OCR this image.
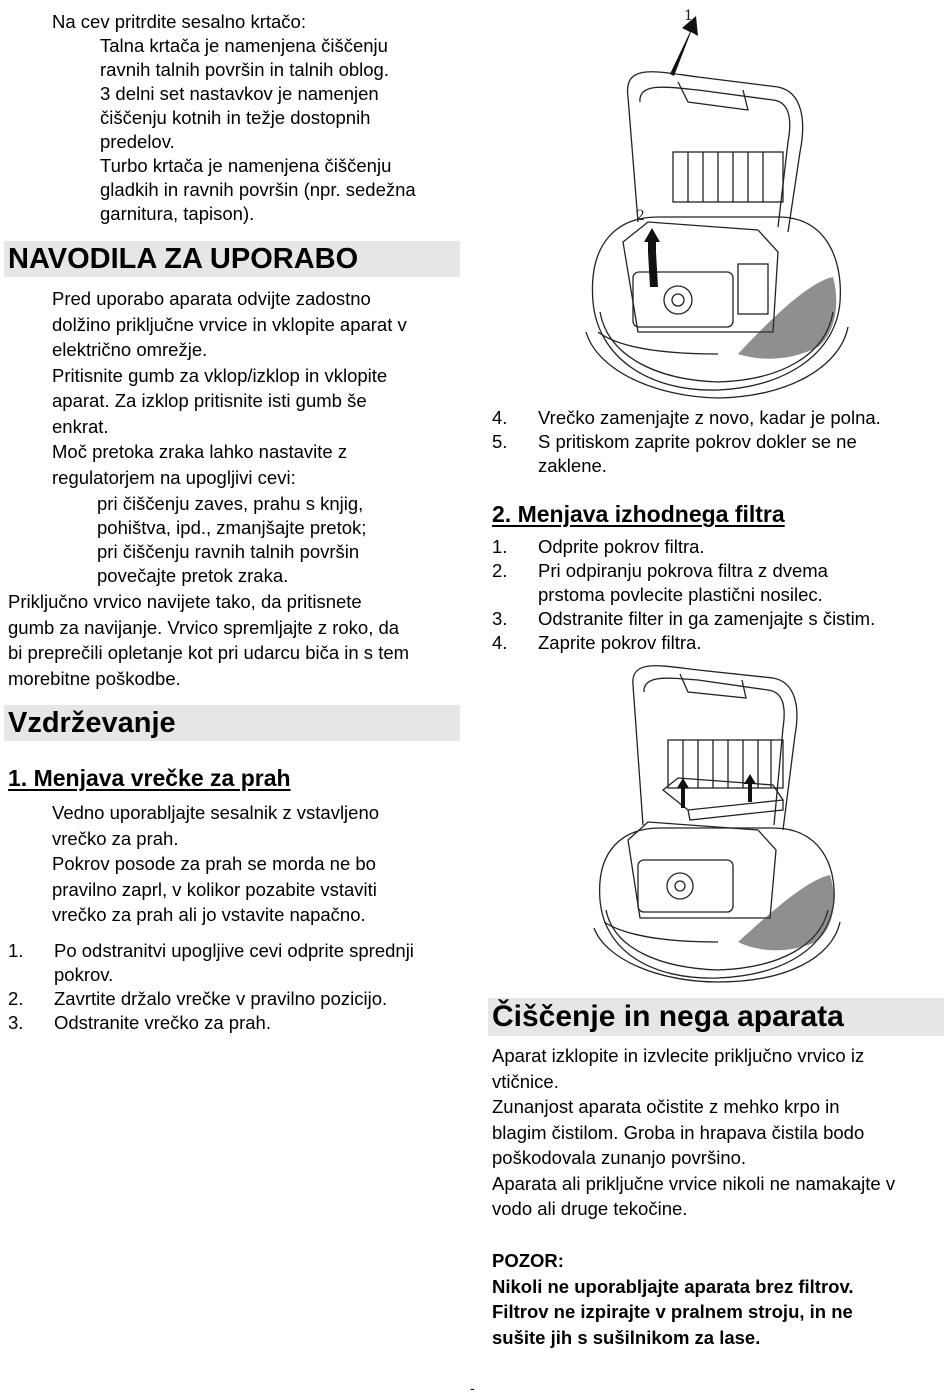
Na cev pritrdite sesalno krtačo:
Talna krtača je namenjena čiščenju
ravnih talnih površin in talnih oblog.
3 delni set nastavkov je namenjen
čiščenju kotnih in težje dostopnih
predelov.
Turbo krtača je namenjena čiščenju
gladkih in ravnih površin (npr. sedežna
garnitura, tapison).
NAVODILA ZA UPORABO
Pred uporabo aparata odvijte zadostno
dolžino priključne vrvice in vklopite aparat v
električno omrežje.
Pritisnite gumb za vklop/izklop in vklopite
aparat. Za izklop pritisnite isti gumb še
enkrat.
Moč pretoka zraka lahko nastavite z
regulatorjem na upogljivi cevi:
pri čiščenju zaves, prahu s knjig,
pohištva, ipd., zmanjšajte pretok;
pri čiščenju ravnih talnih površin
povečajte pretok zraka.
Priključno vrvico navijete tako, da pritisnete
gumb za navijanje. Vrvico spremljajte z roko, da
bi preprečili opletanje kot pri udarcu biča in s tem
morebitne poškodbe.
Vzdrževanje
1. Menjava vrečke za prah
Vedno uporabljajte sesalnik z vstavljeno
vrečko za prah.
Pokrov posode za prah se morda ne bo
pravilno zaprl, v kolikor pozabite vstaviti
vrečko za prah ali jo vstavite napačno.
1. Po odstranitvi upogljive cevi odprite sprednji
pokrov.
2. Zavrtite držalo vrečke v pravilno pozicijo.
3. Odstranite vrečko za prah.
1
2
4. Vrečko zamenjajte z novo, kadar je polna.
5. S pritiskom zaprite pokrov dokler se ne
zaklene.
2. Menjava izhodnega filtra
1. Odprite pokrov filtra.
2. Pri odpiranju pokrova filtra z dvema
prstoma povlecite plastični nosilec.
3. Odstranite filter in ga zamenjajte s čistim.
4. Zaprite pokrov filtra.
Čiščenje in nega aparata
Aparat izklopite in izvlecite priključno vrvico iz
vtičnice.
Zunanjost aparata očistite z mehko krpo in
blagim čistilom. Groba in hrapava čistila bodo
poškodovala zunanjo površino.
Aparata ali priključne vrvice nikoli ne namakajte v
vodo ali druge tekočine.
POZOR:
Nikoli ne uporabljajte aparata brez filtrov.
Filtrov ne izpirajte v pralnem stroju, in ne
sušite jih s sušilnikom za lase.
-
